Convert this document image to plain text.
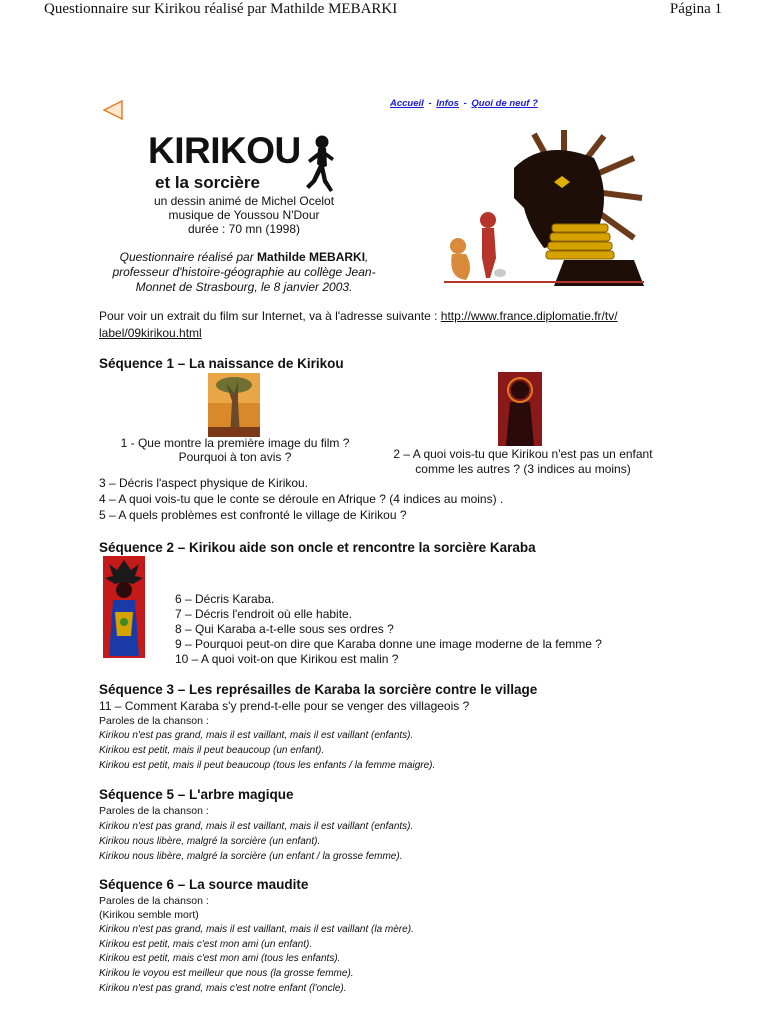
Questionnaire sur Kirikou réalisé par Mathilde MEBARKI	Página 1
Accueil - Infos - Quoi de neuf ?
KIRIKOU
et la sorcière
un dessin animé de Michel Ocelot
musique de Youssou N'Dour
durée : 70 mn (1998)
Questionnaire réalisé par Mathilde MEBARKI,
professeur d'histoire-géographie au collège Jean-
Monnet de Strasbourg, le 8 janvier 2003.
Pour voir un extrait du film sur Internet, va à l'adresse suivante : http://www.france.diplomatie.fr/tv/
label/09kirikou.html
Séquence 1 – La naissance de Kirikou
1 - Que montre la première image du film ?
Pourquoi à ton avis ?	2 – A quoi vois-tu que Kirikou n'est pas un enfant
comme les autres ? (3 indices au moins)
3 – Décris l'aspect physique de Kirikou.
4 – A quoi vois-tu que le conte se déroule en Afrique ? (4 indices au moins) .
5 – A quels problèmes est confronté le village de Kirikou ?
Séquence 2 – Kirikou aide son oncle et rencontre la sorcière Karaba
6 – Décris Karaba.
7 – Décris l'endroit où elle habite.
8 – Qui Karaba a-t-elle sous ses ordres ?
9 – Pourquoi peut-on dire que Karaba donne une image moderne de la femme ?
10 – A quoi voit-on que Kirikou est malin ?
Séquence 3 – Les représailles de Karaba la sorcière contre le village
11 – Comment Karaba s'y prend-t-elle pour se venger des villageois ?
Paroles de la chanson :
Kirikou n'est pas grand, mais il est vaillant, mais il est vaillant (enfants).
Kirikou est petit, mais il peut beaucoup (un enfant).
Kirikou est petit, mais il peut beaucoup (tous les enfants / la femme maigre).
Séquence 5 – L'arbre magique
Paroles de la chanson :
Kirikou n'est pas grand, mais il est vaillant, mais il est vaillant (enfants).
Kirikou nous libère, malgré la sorcière (un enfant).
Kirikou nous libère, malgré la sorcière (un enfant / la grosse femme).
Séquence 6 – La source maudite
Paroles de la chanson :
(Kirikou semble mort)
Kirikou n'est pas grand, mais il est vaillant, mais il est vaillant (la mère).
Kirikou est petit, mais c'est mon ami (un enfant).
Kirikou est petit, mais c'est mon ami (tous les enfants).
Kirikou le voyou est meilleur que nous (la grosse femme).
Kirikou n'est pas grand, mais c'est notre enfant (l'oncle).
